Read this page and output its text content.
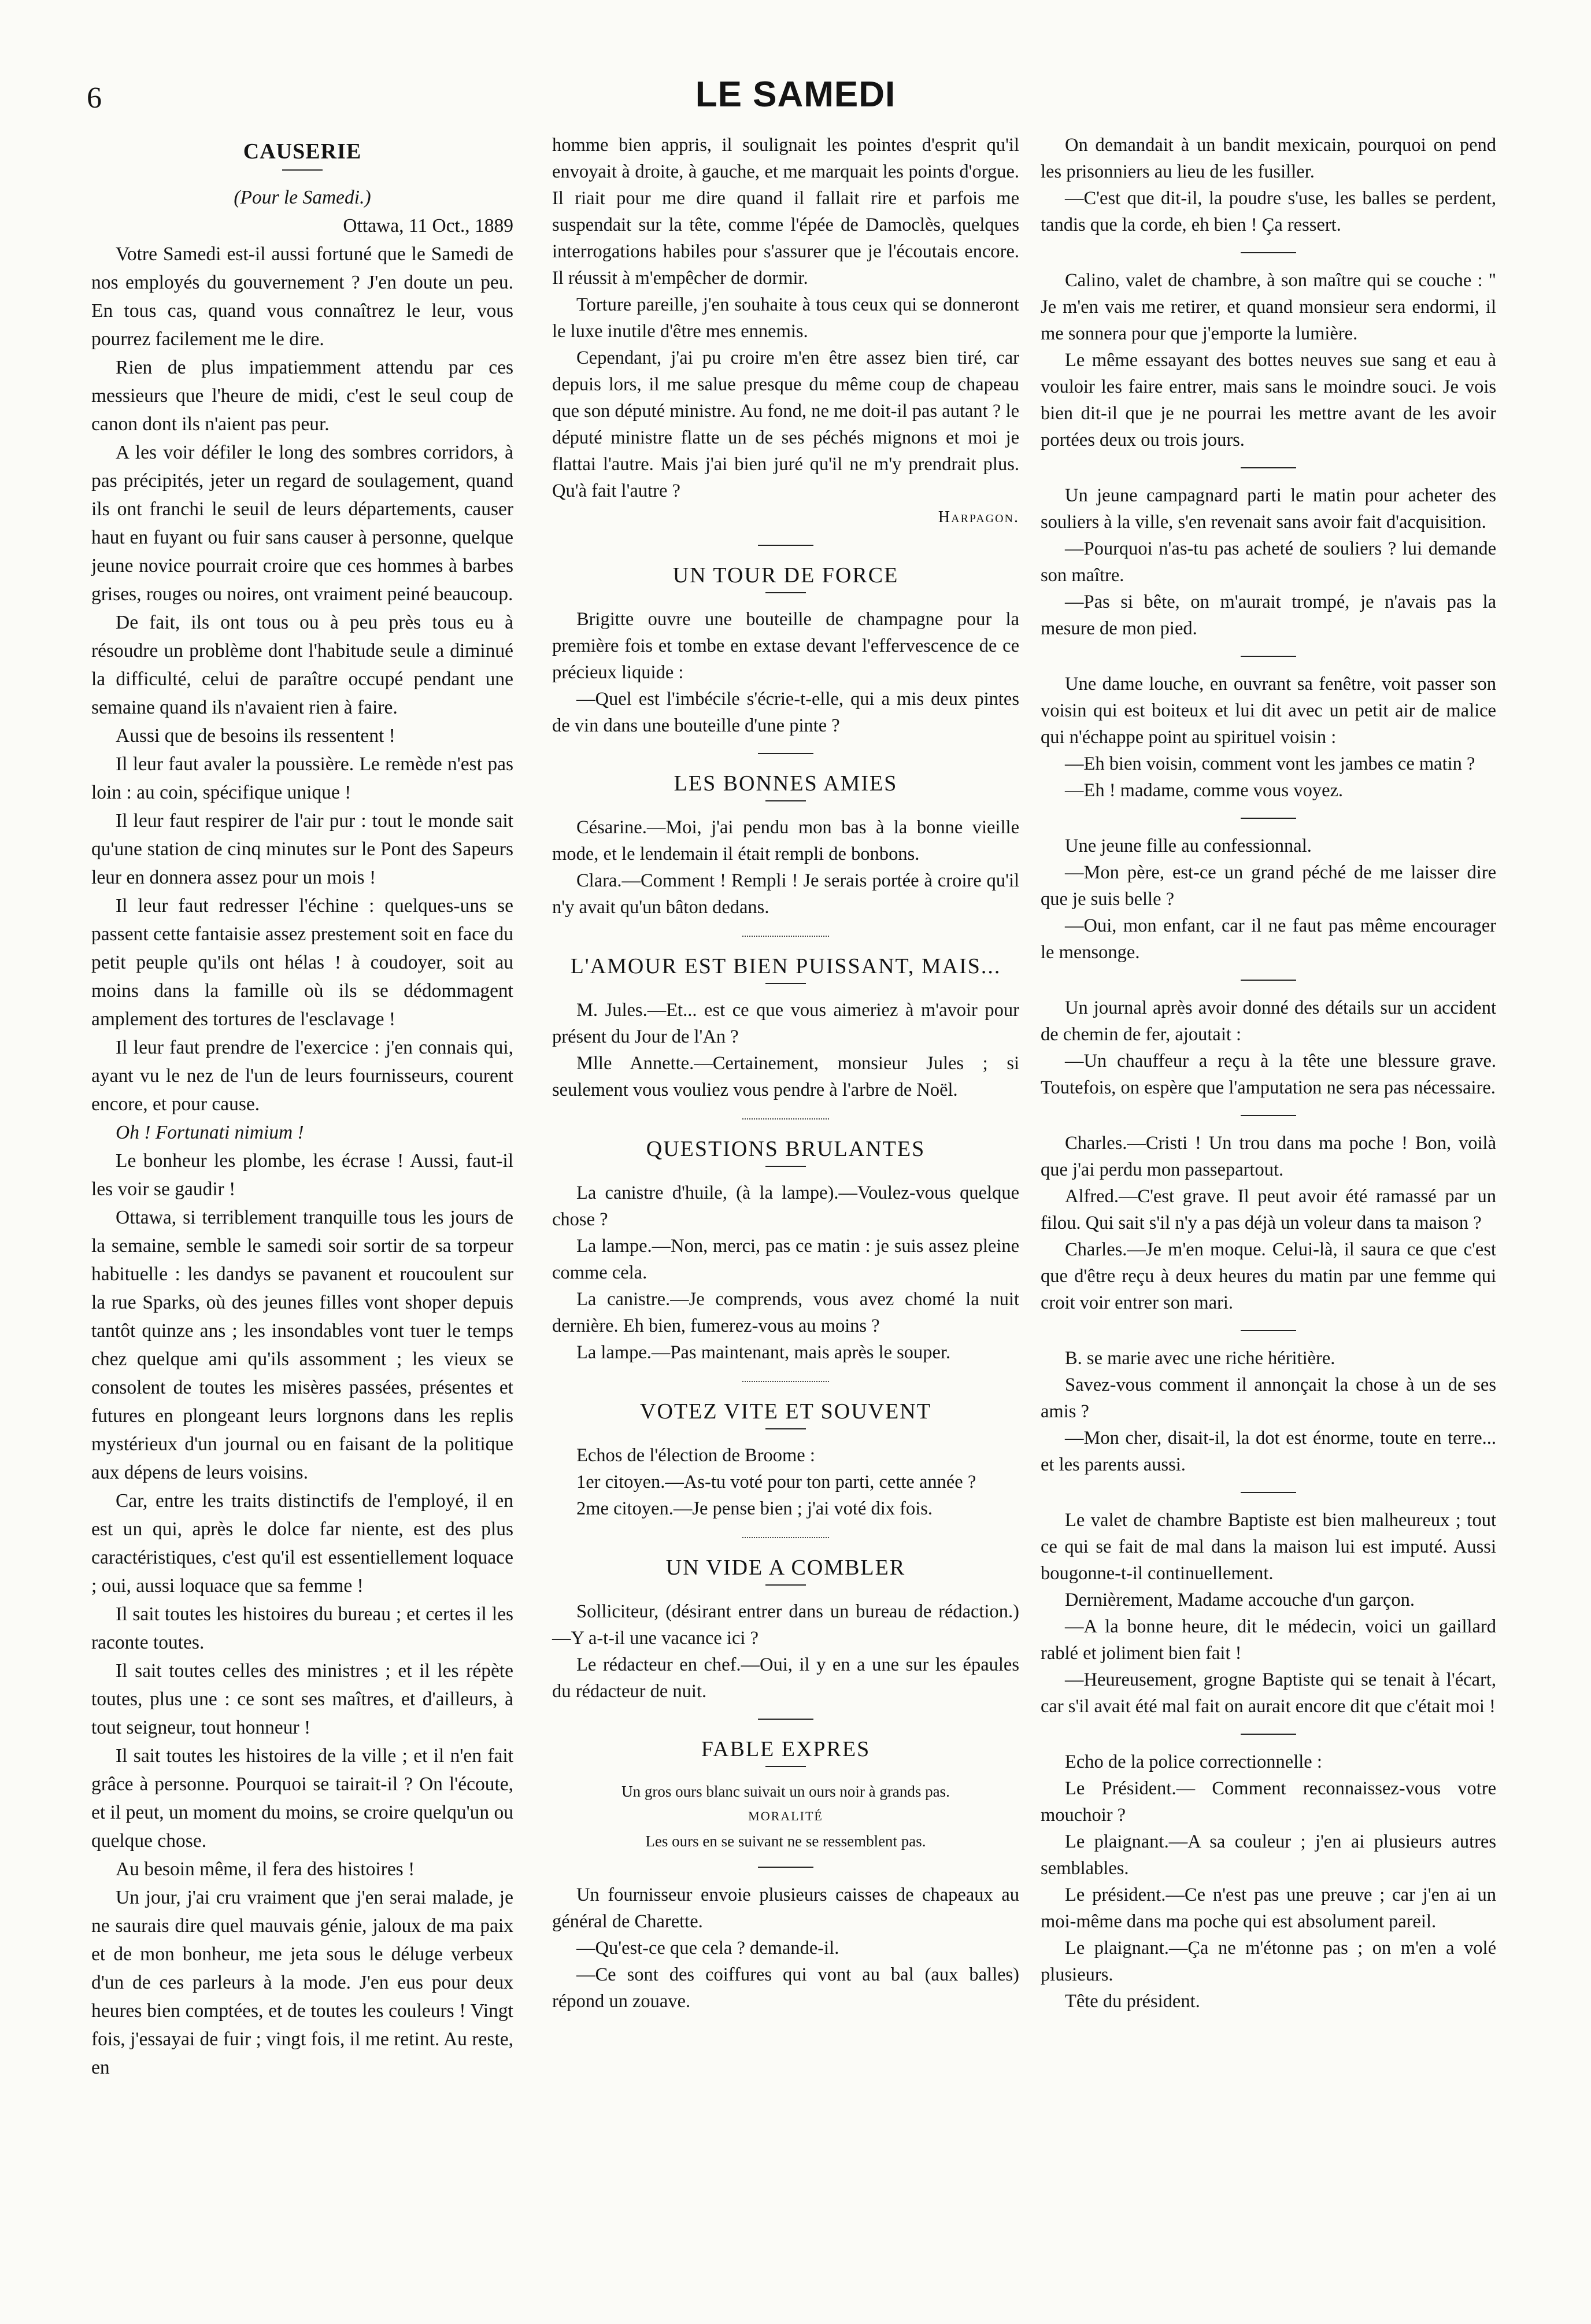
6	LE SAMEDI
CAUSERIE

(Pour le Samedi.)

Ottawa, 11 Oct., 1889

Votre Samedi est-il aussi fortuné que le Samedi de nos employés du gouvernement ? J'en doute un peu. En tous cas, quand vous connaîtrez le leur, vous pourrez facilement me le dire.

Rien de plus impatiemment attendu par ces messieurs que l'heure de midi, c'est le seul coup de canon dont ils n'aient pas peur.

A les voir défiler le long des sombres corridors, à pas précipités, jeter un regard de soulagement, quand ils ont franchi le seuil de leurs départements, causer haut en fuyant ou fuir sans causer à personne, quelque jeune novice pourrait croire que ces hommes à barbes grises, rouges ou noires, ont vraiment peiné beaucoup.

De fait, ils ont tous ou à peu près tous eu à résoudre un problème dont l'habitude seule a diminué la difficulté, celui de paraître occupé pendant une semaine quand ils n'avaient rien à faire.

Aussi que de besoins ils ressentent !

Il leur faut avaler la poussière. Le remède n'est pas loin : au coin, spécifique unique !

Il leur faut respirer de l'air pur : tout le monde sait qu'une station de cinq minutes sur le Pont des Sapeurs leur en donnera assez pour un mois !

Il leur faut redresser l'échine : quelques-uns se passent cette fantaisie assez prestement soit en face du petit peuple qu'ils ont hélas ! à coudoyer, soit au moins dans la famille où ils se dédommagent amplement des tortures de l'esclavage !

Il leur faut prendre de l'exercice : j'en connais qui, ayant vu le nez de l'un de leurs fournisseurs, courent encore, et pour cause.

Oh ! Fortunati nimium !

Le bonheur les plombe, les écrase ! Aussi, faut-il les voir se gaudir !

Ottawa, si terriblement tranquille tous les jours de la semaine, semble le samedi soir sortir de sa torpeur habituelle : les dandys se pavanent et roucoulent sur la rue Sparks, où des jeunes filles vont shoper depuis tantôt quinze ans ; les insondables vont tuer le temps chez quelque ami qu'ils assomment ; les vieux se consolent de toutes les misères passées, présentes et futures en plongeant leurs lorgnons dans les replis mystérieux d'un journal ou en faisant de la politique aux dépens de leurs voisins.

Car, entre les traits distinctifs de l'employé, il en est un qui, après le dolce far niente, est des plus caractéristiques, c'est qu'il est essentiellement loquace ; oui, aussi loquace que sa femme !

Il sait toutes les histoires du bureau ; et certes il les raconte toutes.

Il sait toutes celles des ministres ; et il les répète toutes, plus une : ce sont ses maîtres, et d'ailleurs, à tout seigneur, tout honneur !

Il sait toutes les histoires de la ville ; et il n'en fait grâce à personne. Pourquoi se tairait-il ? On l'écoute, et il peut, un moment du moins, se croire quelqu'un ou quelque chose.

Au besoin même, il fera des histoires !

Un jour, j'ai cru vraiment que j'en serai malade, je ne saurais dire quel mauvais génie, jaloux de ma paix et de mon bonheur, me jeta sous le déluge verbeux d'un de ces parleurs à la mode. J'en eus pour deux heures bien comptées, et de toutes les couleurs ! Vingt fois, j'essayai de fuir ; vingt fois, il me retint. Au reste, en

homme bien appris, il soulignait les pointes d'esprit qu'il envoyait à droite, à gauche, et me marquait les points d'orgue. Il riait pour me dire quand il fallait rire et parfois me suspendait sur la tête, comme l'épée de Damoclès, quelques interrogations habiles pour s'assurer que je l'écoutais encore. Il réussit à m'empêcher de dormir.

Torture pareille, j'en souhaite à tous ceux qui se donneront le luxe inutile d'être mes ennemis.

Cependant, j'ai pu croire m'en être assez bien tiré, car depuis lors, il me salue presque du même coup de chapeau que son député ministre. Au fond, ne me doit-il pas autant ? le député ministre flatte un de ses péchés mignons et moi je flattai l'autre. Mais j'ai bien juré qu'il ne m'y prendrait plus. Qu'à fait l'autre ?

Harpagon.

UN TOUR DE FORCE

Brigitte ouvre une bouteille de champagne pour la première fois et tombe en extase devant l'effervescence de ce précieux liquide :

—Quel est l'imbécile s'écrie-t-elle, qui a mis deux pintes de vin dans une bouteille d'une pinte ?

LES BONNES AMIES

Césarine.—Moi, j'ai pendu mon bas à la bonne vieille mode, et le lendemain il était rempli de bonbons.

Clara.—Comment ! Rempli ! Je serais portée à croire qu'il n'y avait qu'un bâton dedans.

L'AMOUR EST BIEN PUISSANT, MAIS...

M. Jules.—Et... est ce que vous aimeriez à m'avoir pour présent du Jour de l'An ?

Mlle Annette.—Certainement, monsieur Jules ; si seulement vous vouliez vous pendre à l'arbre de Noël.

QUESTIONS BRULANTES

La canistre d'huile, (à la lampe).—Voulez-vous quelque chose ?

La lampe.—Non, merci, pas ce matin : je suis assez pleine comme cela.

La canistre.—Je comprends, vous avez chomé la nuit dernière. Eh bien, fumerez-vous au moins ?

La lampe.—Pas maintenant, mais après le souper.

VOTEZ VITE ET SOUVENT

Echos de l'élection de Broome :

1er citoyen.—As-tu voté pour ton parti, cette année ?

2me citoyen.—Je pense bien ; j'ai voté dix fois.

UN VIDE A COMBLER

Solliciteur, (désirant entrer dans un bureau de rédaction.)—Y a-t-il une vacance ici ?

Le rédacteur en chef.—Oui, il y en a une sur les épaules du rédacteur de nuit.

FABLE EXPRES

Un gros ours blanc suivait un ours noir à grands pas.

MORALITÉ

Les ours en se suivant ne se ressemblent pas.

Un fournisseur envoie plusieurs caisses de chapeaux au général de Charette.

—Qu'est-ce que cela ? demande-il.

—Ce sont des coiffures qui vont au bal (aux balles) répond un zouave.

On demandait à un bandit mexicain, pourquoi on pend les prisonniers au lieu de les fusiller.

—C'est que dit-il, la poudre s'use, les balles se perdent, tandis que la corde, eh bien ! Ça ressert.

Calino, valet de chambre, à son maître qui se couche : " Je m'en vais me retirer, et quand monsieur sera endormi, il me sonnera pour que j'emporte la lumière.

Le même essayant des bottes neuves sue sang et eau à vouloir les faire entrer, mais sans le moindre souci. Je vois bien dit-il que je ne pourrai les mettre avant de les avoir portées deux ou trois jours.

Un jeune campagnard parti le matin pour acheter des souliers à la ville, s'en revenait sans avoir fait d'acquisition.

—Pourquoi n'as-tu pas acheté de souliers ? lui demande son maître.

—Pas si bête, on m'aurait trompé, je n'avais pas la mesure de mon pied.

Une dame louche, en ouvrant sa fenêtre, voit passer son voisin qui est boiteux et lui dit avec un petit air de malice qui n'échappe point au spirituel voisin :

—Eh bien voisin, comment vont les jambes ce matin ?

—Eh ! madame, comme vous voyez.

Une jeune fille au confessionnal.

—Mon père, est-ce un grand péché de me laisser dire que je suis belle ?

—Oui, mon enfant, car il ne faut pas même encourager le mensonge.

Un journal après avoir donné des détails sur un accident de chemin de fer, ajoutait :

—Un chauffeur a reçu à la tête une blessure grave. Toutefois, on espère que l'amputation ne sera pas nécessaire.

Charles.—Cristi ! Un trou dans ma poche ! Bon, voilà que j'ai perdu mon passepartout.

Alfred.—C'est grave. Il peut avoir été ramassé par un filou. Qui sait s'il n'y a pas déjà un voleur dans ta maison ?

Charles.—Je m'en moque. Celui-là, il saura ce que c'est que d'être reçu à deux heures du matin par une femme qui croit voir entrer son mari.

B. se marie avec une riche héritière.

Savez-vous comment il annonçait la chose à un de ses amis ?

—Mon cher, disait-il, la dot est énorme, toute en terre... et les parents aussi.

Le valet de chambre Baptiste est bien malheureux ; tout ce qui se fait de mal dans la maison lui est imputé. Aussi bougonne-t-il continuellement.

Dernièrement, Madame accouche d'un garçon.

—A la bonne heure, dit le médecin, voici un gaillard rablé et joliment bien fait !

—Heureusement, grogne Baptiste qui se tenait à l'écart, car s'il avait été mal fait on aurait encore dit que c'était moi !

Echo de la police correctionnelle :

Le Président.— Comment reconnaissez-vous votre mouchoir ?

Le plaignant.—A sa couleur ; j'en ai plusieurs autres semblables.

Le président.—Ce n'est pas une preuve ; car j'en ai un moi-même dans ma poche qui est absolument pareil.

Le plaignant.—Ça ne m'étonne pas ; on m'en a volé plusieurs.

Tête du président.
